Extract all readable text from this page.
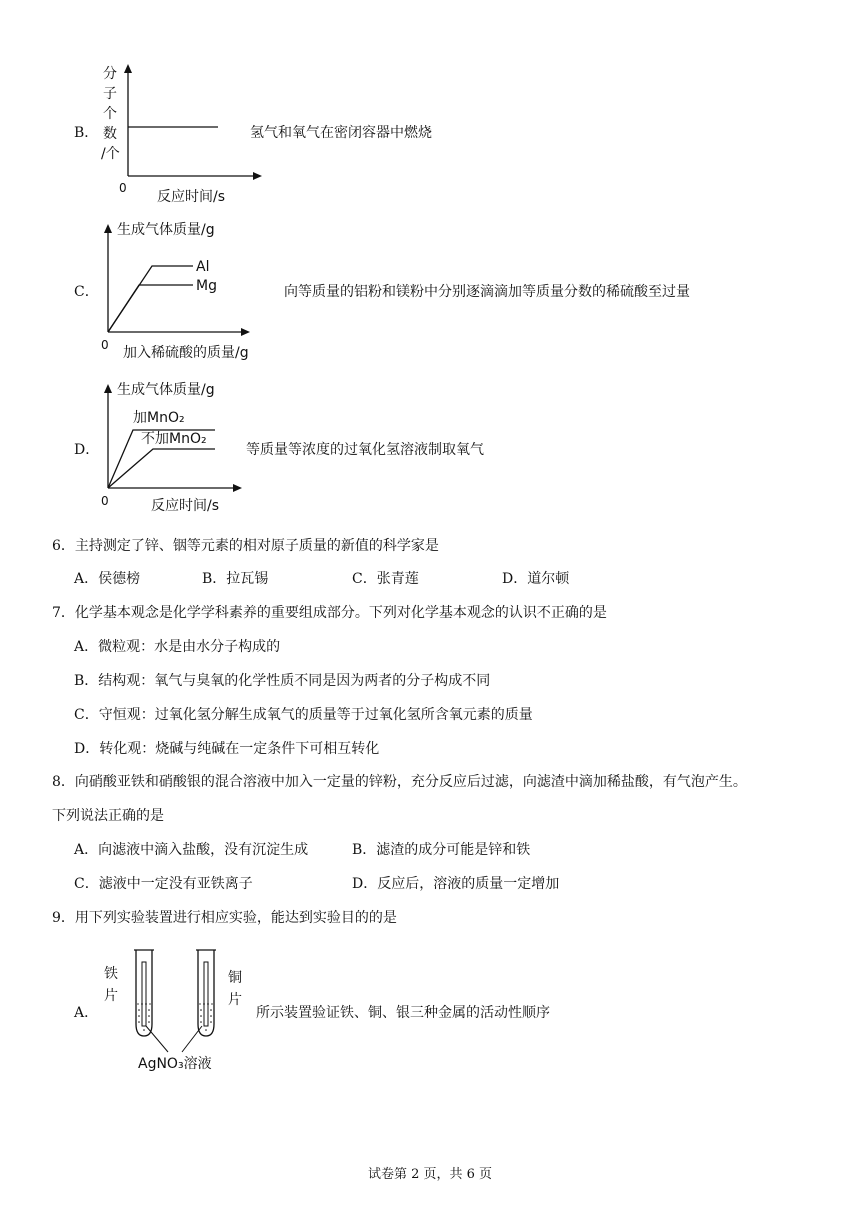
B．
分
子
个
数
/个
0
反应时间/s
氢气和氧气在密闭容器中燃烧
C．
生成气体质量/g
Al
Mg
0 加入稀硫酸的质量/g
向等质量的铝粉和镁粉中分别逐滴滴加等质量分数的稀硫酸至过量
D．
生成气体质量/g
加MnO₂
不加MnO₂
0	反应时间/s
等质量等浓度的过氧化氢溶液制取氧气
6．主持测定了锌、铟等元素的相对原子质量的新值的科学家是
A．侯德榜	B．拉瓦锡	C．张青莲	D．道尔顿
7．化学基本观念是化学学科素养的重要组成部分。下列对化学基本观念的认识不正确的是
A．微粒观：水是由水分子构成的
B．结构观：氧气与臭氧的化学性质不同是因为两者的分子构成不同
C．守恒观：过氧化氢分解生成氧气的质量等于过氧化氢所含氧元素的质量
D．转化观：烧碱与纯碱在一定条件下可相互转化
8．向硝酸亚铁和硝酸银的混合溶液中加入一定量的锌粉，充分反应后过滤，向滤渣中滴加稀盐酸，有气泡产生。
下列说法正确的是
A．向滤液中滴入盐酸，没有沉淀生成	B．滤渣的成分可能是锌和铁
C．滤液中一定没有亚铁离子	D．反应后，溶液的质量一定增加
9．用下列实验装置进行相应实验，能达到实验目的的是
A．
铁
片
铜
片
AgNO₃溶液
所示装置验证铁、铜、银三种金属的活动性顺序
试卷第 2 页，共 6 页
